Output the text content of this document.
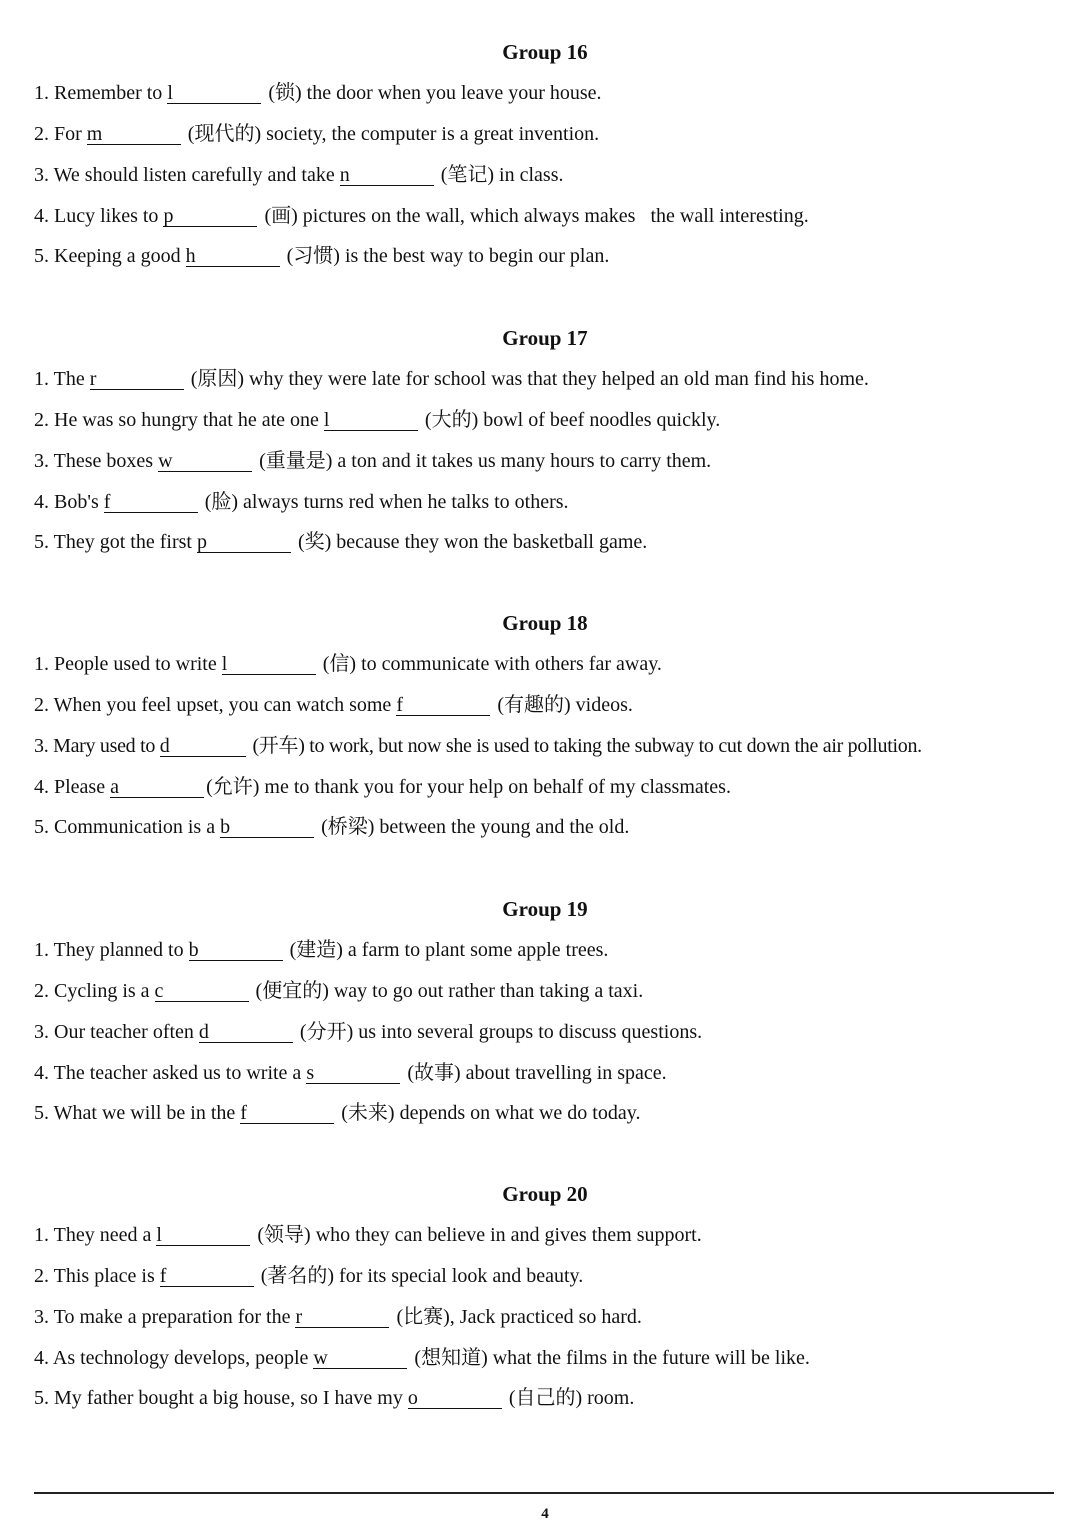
Group 16
1. Remember to l	(锁) the door when you leave your house.
2. For m	(现代的) society, the computer is a great invention.
3. We should listen carefully and take n	(笔记) in class.
4. Lucy likes to p	(画) pictures on the wall, which always makes   the wall interesting.
5. Keeping a good h	(习惯) is the best way to begin our plan.
Group 17
1. The r	(原因) why they were late for school was that they helped an old man find his home.
2. He was so hungry that he ate one l	(大的) bowl of beef noodles quickly.
3. These boxes w	(重量是) a ton and it takes us many hours to carry them.
4. Bob's f	(脸) always turns red when he talks to others.
5. They got the first p	(奖) because they won the basketball game.
Group 18
1. People used to write l	(信) to communicate with others far away.
2. When you feel upset, you can watch some f	(有趣的) videos.
3. Mary used to d	(开车) to work, but now she is used to taking the subway to cut down the air pollution.
4. Please a	(允许) me to thank you for your help on behalf of my classmates.
5. Communication is a b	(桥梁) between the young and the old.
Group 19
1. They planned to b	(建造) a farm to plant some apple trees.
2. Cycling is a c	(便宜的) way to go out rather than taking a taxi.
3. Our teacher often d	(分开) us into several groups to discuss questions.
4. The teacher asked us to write a s	(故事) about travelling in space.
5. What we will be in the f	(未来) depends on what we do today.
Group 20
1. They need a l	(领导) who they can believe in and gives them support.
2. This place is f	(著名的) for its special look and beauty.
3. To make a preparation for the r	(比赛), Jack practiced so hard.
4. As technology develops, people w	(想知道) what the films in the future will be like.
5. My father bought a big house, so I have my o	(自己的) room.
4
